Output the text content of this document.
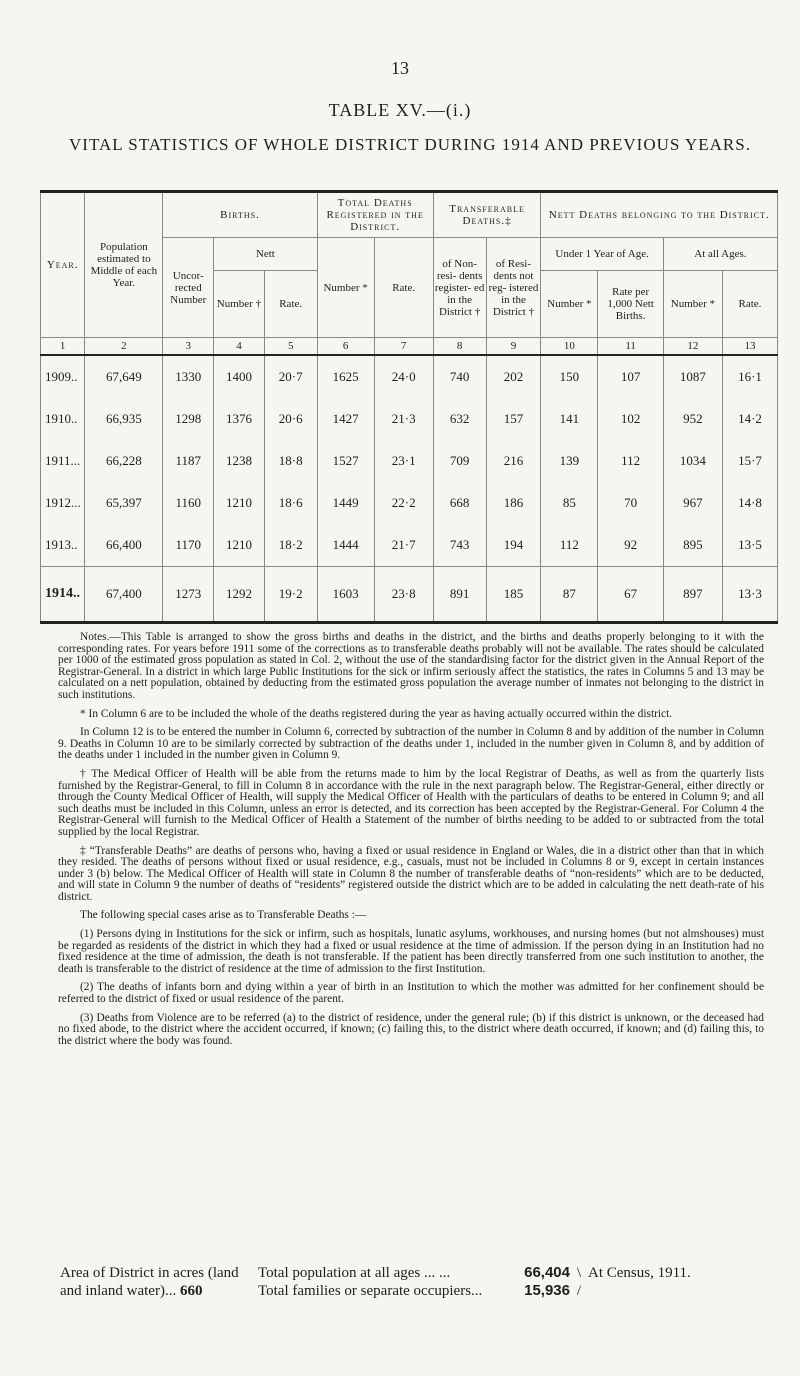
13
TABLE XV.—(i.)
VITAL STATISTICS OF WHOLE DISTRICT DURING 1914 AND PREVIOUS YEARS.
Year.	Population estimated to Middle of each Year.	Births.			Total Deaths Registered in the District.		Transferable Deaths.‡		Nett Deaths belonging to the District.			
		Uncor- rected Number	Nett		Number *	Rate.	of Non- resi- dents register- ed in the District †	of Resi- dents not reg- istered in the District †	Under 1 Year of Age.		At all Ages.	
			Number †	Rate.					Number *	Rate per 1,000 Nett Births.	Number *	Rate.
1	2	3	4	5	6	7	8	9	10	11	12	13
1909..	67,649	1330	1400	20·7	1625	24·0	740	202	150	107	1087	16·1
1910..	66,935	1298	1376	20·6	1427	21·3	632	157	141	102	952	14·2
1911...	66,228	1187	1238	18·8	1527	23·1	709	216	139	112	1034	15·7
1912...	65,397	1160	1210	18·6	1449	22·2	668	186	85	70	967	14·8
1913..	66,400	1170	1210	18·2	1444	21·7	743	194	112	92	895	13·5
1914..	67,400	1273	1292	19·2	1603	23·8	891	185	87	67	897	13·3

Notes.—This Table is arranged to show the gross births and deaths in the district, and the births and deaths properly belonging to it with the corresponding rates. For years before 1911 some of the corrections as to transferable deaths probably will not be available. The rates should be calculated per 1000 of the estimated gross population as stated in Col. 2, without the use of the standardising factor for the district given in the Annual Report of the Registrar-General. In a district in which large Public Institutions for the sick or infirm seriously affect the statistics, the rates in Columns 5 and 13 may be calculated on a nett population, obtained by deducting from the estimated gross population the average number of inmates not belonging to the district in such institutions.

* In Column 6 are to be included the whole of the deaths registered during the year as having actually occurred within the district.

In Column 12 is to be entered the number in Column 6, corrected by subtraction of the number in Column 8 and by addition of the number in Column 9. Deaths in Column 10 are to be similarly corrected by subtraction of the deaths under 1, included in the number given in Column 8, and by addition of the deaths under 1 included in the number given in Column 9.

† The Medical Officer of Health will be able from the returns made to him by the local Registrar of Deaths, as well as from the quarterly lists furnished by the Registrar-General, to fill in Column 8 in accordance with the rule in the next paragraph below. The Registrar-General, either directly or through the County Medical Officer of Health, will supply the Medical Officer of Health with the particulars of deaths to be entered in Column 9; and all such deaths must be included in this Column, unless an error is detected, and its correction has been accepted by the Registrar-General. For Column 4 the Registrar-General will furnish to the Medical Officer of Health a Statement of the number of births needing to be added to or subtracted from the total supplied by the local Registrar.

‡ “Transferable Deaths” are deaths of persons who, having a fixed or usual residence in England or Wales, die in a district other than that in which they resided. The deaths of persons without fixed or usual residence, e.g., casuals, must not be included in Columns 8 or 9, except in certain instances under 3 (b) below. The Medical Officer of Health will state in Column 8 the number of transferable deaths of “non-residents” which are to be deducted, and will state in Column 9 the number of deaths of “residents” registered outside the district which are to be added in calculating the nett death-rate of his district.

The following special cases arise as to Transferable Deaths :—

(1) Persons dying in Institutions for the sick or infirm, such as hospitals, lunatic asylums, workhouses, and nursing homes (but not almshouses) must be regarded as residents of the district in which they had a fixed or usual residence at the time of admission. If the person dying in an Institution had no fixed residence at the time of admission, the death is not transferable. If the patient has been directly transferred from one such institution to another, the death is transferable to the district of residence at the time of admission to the first Institution.

(2) The deaths of infants born and dying within a year of birth in an Institution to which the mother was admitted for her confinement should be referred to the district of fixed or usual residence of the parent.

(3) Deaths from Violence are to be referred (a) to the district of residence, under the general rule; (b) if this district is unknown, or the deceased had no fixed abode, to the district where the accident occurred, if known; (c) failing this, to the district where death occurred, if known; and (d) failing this, to the district where the body was found.

Area of District in acres (land and inland water)... 660
Total population at all ages ... ...	66,404 \ At Census, 1911.
Total families or separate occupiers...	15,936 /
